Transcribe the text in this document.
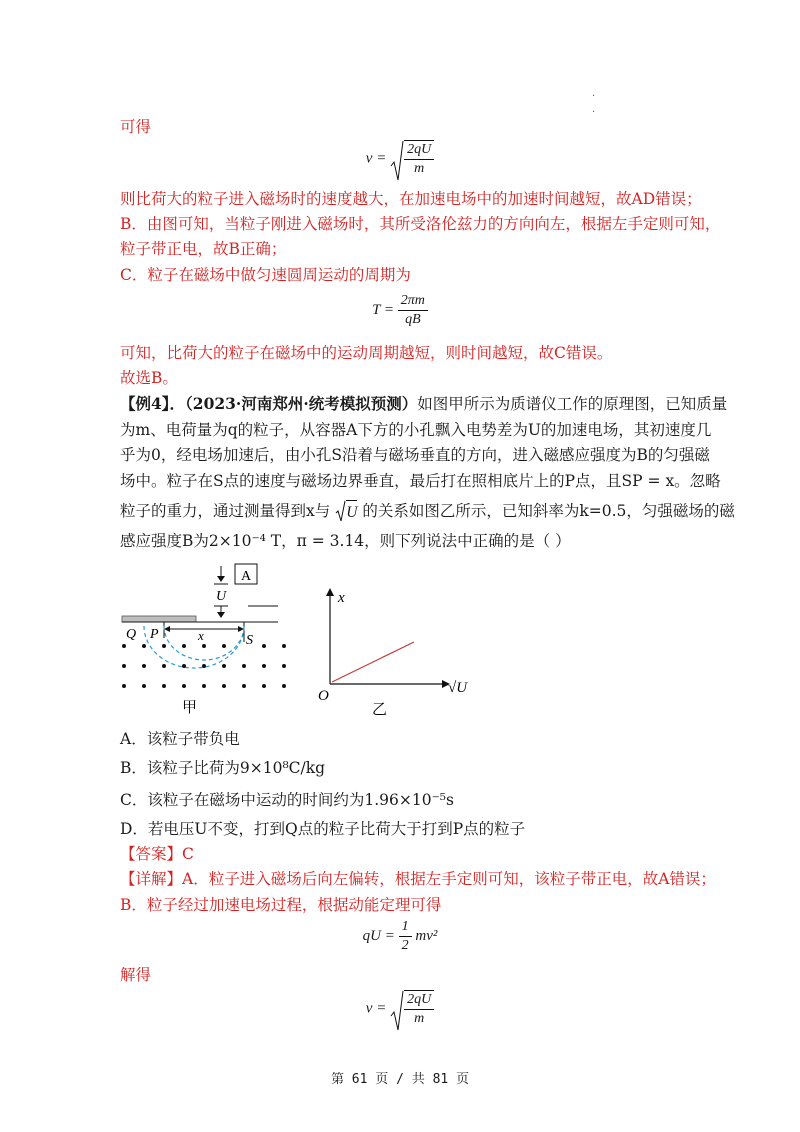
.
.
可得
$v = \frac{2qU}{m}$
则比荷大的粒子进入磁场时的速度越大，在加速电场中的加速时间越短，故AD错误；
B．由图可知，当粒子刚进入磁场时，其所受洛伦兹力的方向向左，根据左手定则可知，
粒子带正电，故B正确；
C．粒子在磁场中做匀速圆周运动的周期为
$T = \frac{2\pi m}{qB}$
可知，比荷大的粒子在磁场中的运动周期越短，则时间越短，故C错误。
故选B。
【例4】．（2023·河南郑州·统考模拟预测）如图甲所示为质谱仪工作的原理图，已知质量
为m、电荷量为q的粒子，从容器A下方的小孔飘入电势差为U的加速电场，其初速度几
乎为0，经电场加速后，由小孔S沿着与磁场垂直的方向，进入磁感应强度为B的匀强磁
场中。粒子在S点的速度与磁场边界垂直，最后打在照相底片上的P点，且SP = x。忽略
粒子的重力，通过测量得到x与 U 的关系如图乙所示，已知斜率为k=0.5，匀强磁场的磁
感应强度B为2×10⁻⁴ T，π = 3.14，则下列说法中正确的是（ ）
A
U
x
Q P	S
甲
x
O	√U
乙
A．该粒子带负电
B．该粒子比荷为9×10⁸C/kg
C．该粒子在磁场中运动的时间约为1.96×10⁻⁵s
D．若电压U不变，打到Q点的粒子比荷大于打到P点的粒子
【答案】C
【详解】A．粒子进入磁场后向左偏转，根据左手定则可知，该粒子带正电，故A错误；
B．粒子经过加速电场过程，根据动能定理可得
qU = $\frac{1}{2} mv^2$
解得
$v = \frac{2qU}{m}$
第 61 页 / 共 81 页
